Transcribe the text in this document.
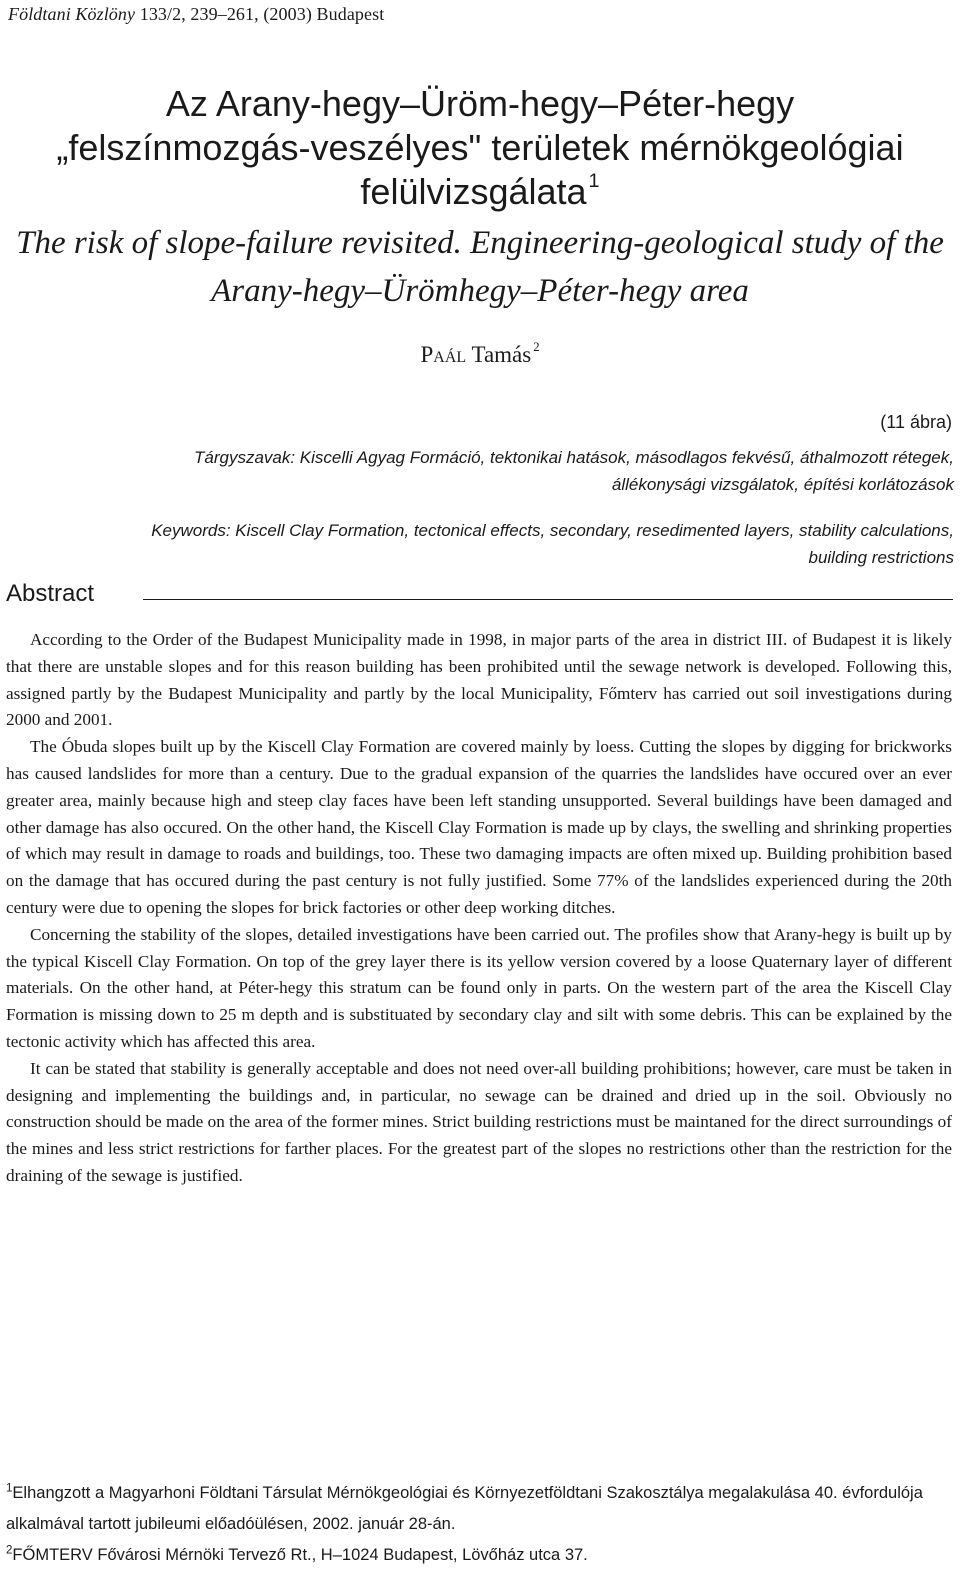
Földtani Közlöny 133/2, 239–261, (2003) Budapest
Az Arany-hegy–Üröm-hegy–Péter-hegy
„felszínmozgás-veszélyes" területek mérnökgeológiai
felülvizsgálata $^1$
The risk of slope-failure revisited. Engineering-geological study of the
Arany-hegy–Ürömhegy–Péter-hegy area
Paál Tamás $^2$
(11 ábra)
Tárgyszavak: Kiscelli Agyag Formáció, tektonikai hatások, másodlagos fekvésű, áthalmozott rétegek,
állékonysági vizsgálatok, építési korlátozások
Keywords: Kiscell Clay Formation, tectonical effects, secondary, resedimented layers, stability calculations,
building restrictions
Abstract

According to the Order of the Budapest Municipality made in 1998, in major parts of the area in district III. of Budapest it is likely that there are unstable slopes and for this reason building has been prohibited until the sewage network is developed. Following this, assigned partly by the Budapest Municipality and partly by the local Municipality, Főmterv has carried out soil investigations during 2000 and 2001.

The Óbuda slopes built up by the Kiscell Clay Formation are covered mainly by loess. Cutting the slopes by digging for brickworks has caused landslides for more than a century. Due to the gradual expansion of the quarries the landslides have occured over an ever greater area, mainly because high and steep clay faces have been left standing unsupported. Several buildings have been damaged and other damage has also occured. On the other hand, the Kiscell Clay Formation is made up by clays, the swelling and shrinking properties of which may result in damage to roads and buildings, too. These two damaging impacts are often mixed up. Building prohibition based on the damage that has occured during the past century is not fully justified. Some 77% of the landslides experienced during the 20th century were due to opening the slopes for brick factories or other deep working ditches.

Concerning the stability of the slopes, detailed investigations have been carried out. The profiles show that Arany-hegy is built up by the typical Kiscell Clay Formation. On top of the grey layer there is its yellow version covered by a loose Quaternary layer of different materials. On the other hand, at Péter-hegy this stratum can be found only in parts. On the western part of the area the Kiscell Clay Formation is missing down to 25 m depth and is substituated by secondary clay and silt with some debris. This can be explained by the tectonic activity which has affected this area.

It can be stated that stability is generally acceptable and does not need over-all building prohibitions; however, care must be taken in designing and implementing the buildings and, in particular, no sewage can be drained and dried up in the soil. Obviously no construction should be made on the area of the former mines. Strict building restrictions must be maintaned for the direct surroundings of the mines and less strict restrictions for farther places. For the greatest part of the slopes no restrictions other than the restriction for the draining of the sewage is justified.

$^1$Elhangzott a Magyarhoni Földtani Társulat Mérnökgeológiai és Környezetföldtani Szakosztálya megalakulása 40. évfordulója alkalmával tartott jubileumi előadóülésen, 2002. január 28-án.

$^2$FŐMTERV Fővárosi Mérnöki Tervező Rt., H–1024 Budapest, Lövőház utca 37.
